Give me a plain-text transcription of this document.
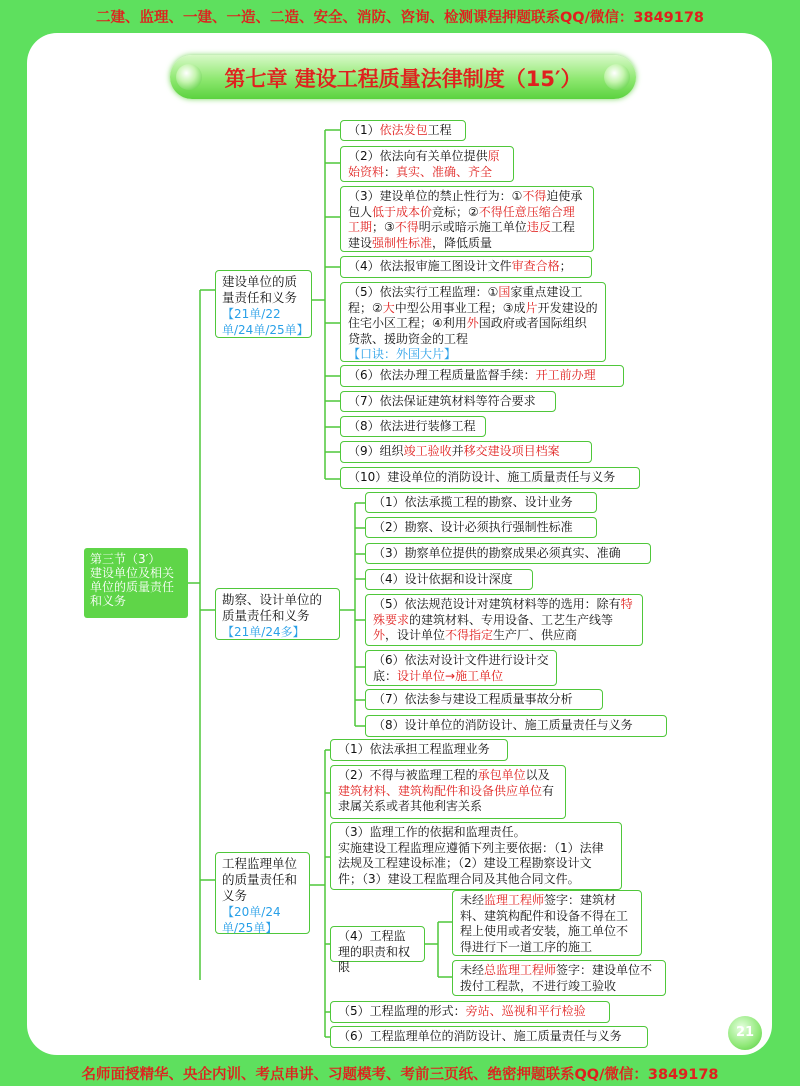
二建、监理、一建、一造、二造、安全、消防、咨询、检测课程押题联系QQ/微信：3849178
第七章 建设工程质量法律制度（15′）
第三节（3′）
建设单位及相关单位的质量责任和义务
建设单位的质量责任和义务
【21单/22单/24单/25单】
（1）依法发包工程
（2）依法向有关单位提供原始资料：真实、准确、齐全
（3）建设单位的禁止性行为：①不得迫使承包人低于成本价竞标；②不得任意压缩合理工期；③不得明示或暗示施工单位违反工程建设强制性标准，降低质量
（4）依法报审施工图设计文件审查合格；
（5）依法实行工程监理：①国家重点建设工程；②大中型公用事业工程；③成片开发建设的住宅小区工程；④利用外国政府或者国际组织贷款、援助资金的工程
【口诀：外国大片】
（6）依法办理工程质量监督手续：开工前办理
（7）依法保证建筑材料等符合要求
（8）依法进行装修工程
（9）组织竣工验收并移交建设项目档案
（10）建设单位的消防设计、施工质量责任与义务
勘察、设计单位的质量责任和义务
【21单/24多】
（1）依法承揽工程的勘察、设计业务
（2）勘察、设计必须执行强制性标准
（3）勘察单位提供的勘察成果必须真实、准确
（4）设计依据和设计深度
（5）依法规范设计对建筑材料等的选用：除有特殊要求的建筑材料、专用设备、工艺生产线等外，设计单位不得指定生产厂、供应商
（6）依法对设计文件进行设计交底：设计单位→施工单位
（7）依法参与建设工程质量事故分析
（8）设计单位的消防设计、施工质量责任与义务
工程监理单位的质量责任和义务
【20单/24单/25单】
（1）依法承担工程监理业务
（2）不得与被监理工程的承包单位以及建筑材料、建筑构配件和设备供应单位有隶属关系或者其他利害关系
（3）监理工作的依据和监理责任。
实施建设工程监理应遵循下列主要依据：（1）法律法规及工程建设标准；（2）建设工程勘察设计文件；（3）建设工程监理合同及其他合同文件。
（4）工程监理的职责和权限
未经监理工程师签字：建筑材料、建筑构配件和设备不得在工程上使用或者安装，施工单位不得进行下一道工序的施工
未经总监理工程师签字：建设单位不拨付工程款，不进行竣工验收
（5）工程监理的形式：旁站、巡视和平行检验
（6）工程监理单位的消防设计、施工质量责任与义务	21
名师面授精华、央企内训、考点串讲、习题模考、考前三页纸、绝密押题联系QQ/微信：3849178
